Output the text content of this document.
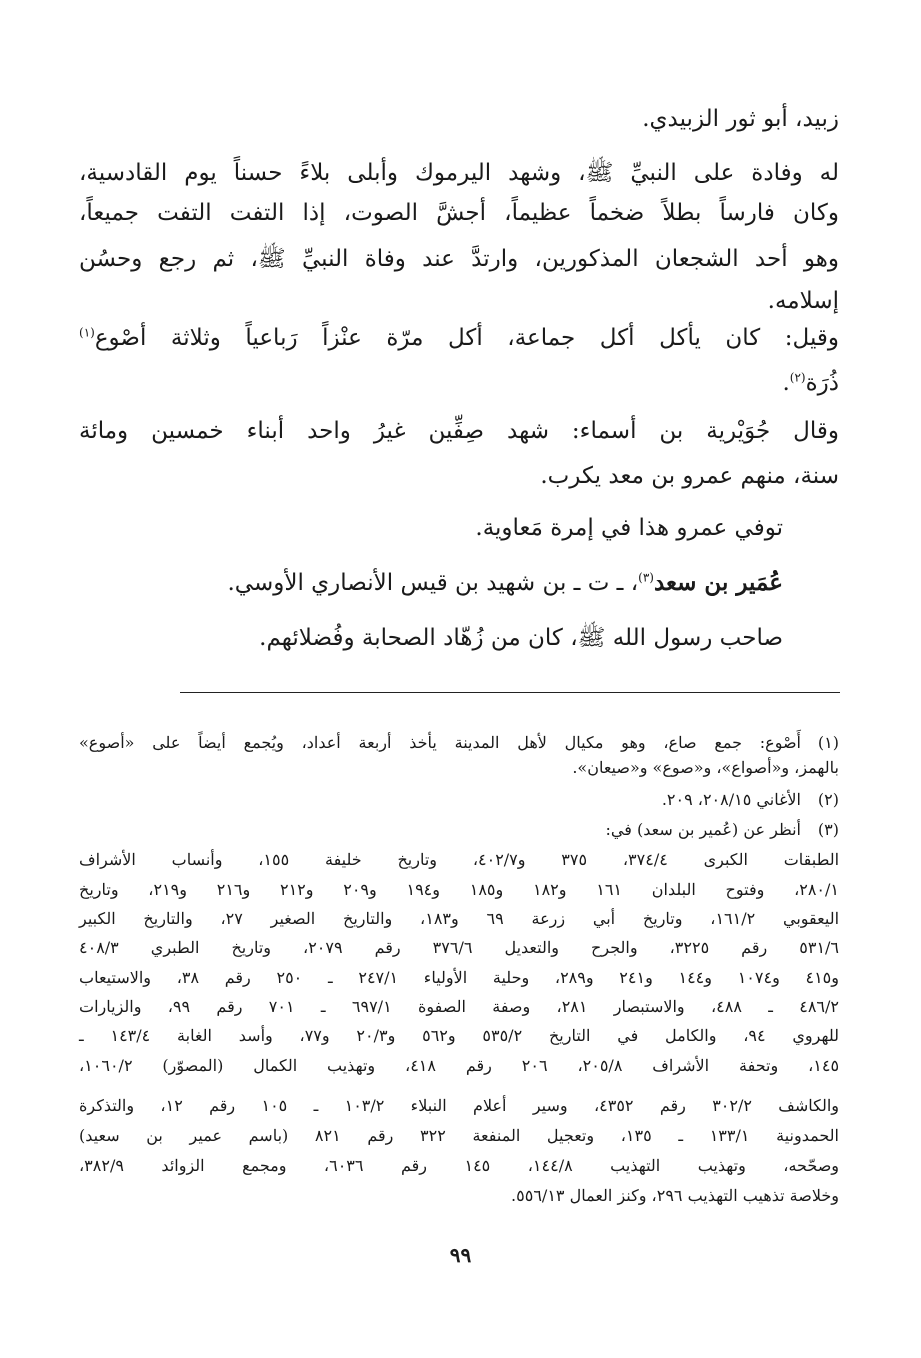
زبيد، أبو ثور الزبيدي.
له وفادة على النبيِّ ﷺ، وشهد اليرموك وأبلى بلاءً حسناً يوم القادسية،
وكان فارساً بطلاً ضخماً عظيماً، أجشَّ الصوت، إذا التفت التفت جميعاً،
وهو أحد الشجعان المذكورين، وارتدَّ عند وفاة النبيِّ ﷺ، ثم رجع وحسُن
إسلامه.
وقيل: كان يأكل أكل جماعة، أكل مرّة عنْزاً رَباعياً وثلاثة أصْوع$^{(١)}$
ذُرَة$^{(٢)}$.
وقال جُوَيْرية بن أسماء: شهد صِفِّين غيرُ واحد أبناء خمسين ومائة
سنة، منهم عمرو بن معد يكرب.
توفي عمرو هذا في إمرة مَعاوية.
عُمَير بن سعد$^{(٣)}$، ـ ت ـ بن شهيد بن قيس الأنصاري الأوسي.
صاحب رسول الله ﷺ، كان من زُهّاد الصحابة وفُضلائهم.
(١)
أَصْوع: جمع صاع، وهو مكيال لأهل المدينة يأخذ أربعة أعداد، ويُجمع أيضاً على «أصوع»
بالهمز، و«أصواع»، و«صوع» و«صيعان».
(٢)
الأغاني ٢٠٨/١٥، ٢٠٩.
(٣)
أنظر عن (عُمير بن سعد) في:
الطبقات الكبرى ٣٧٤/٤، ٣٧٥ و٤٠٢/٧، وتاريخ خليفة ١٥٥، وأنساب الأشراف
٢٨٠/١، وفتوح البلدان ١٦١ و١٨٢ و١٨٥ و١٩٤ و٢٠٩ و٢١٢ و٢١٦ و٢١٩، وتاريخ
اليعقوبي ١٦١/٢، وتاريخ أبي زرعة ٦٩ و١٨٣، والتاريخ الصغير ٢٧، والتاريخ الكبير
٥٣١/٦ رقم ٣٢٢٥، والجرح والتعديل ٣٧٦/٦ رقم ٢٠٧٩، وتاريخ الطبري ٤٠٨/٣
و٤١٥ و١٠٧٤ و١٤٤ و٢٤١ و٢٨٩، وحلية الأولياء ٢٤٧/١ ـ ٢٥٠ رقم ٣٨، والاستيعاب
٤٨٦/٢ ـ ٤٨٨، والاستبصار ٢٨١، وصفة الصفوة ٦٩٧/١ ـ ٧٠١ رقم ٩٩، والزيارات
للهروي ٩٤، والكامل في التاريخ ٥٣٥/٢ و٥٦٢ و٢٠/٣ و٧٧، وأسد الغابة ١٤٣/٤ ـ
١٤٥، وتحفة الأشراف ٢٠٥/٨، ٢٠٦ رقم ٤١٨، وتهذيب الكمال (المصوّر) ١٠٦٠/٢،
والكاشف ٣٠٢/٢ رقم ٤٣٥٢، وسير أعلام النبلاء ١٠٣/٢ ـ ١٠٥ رقم ١٢، والتذكرة
الحمدونية ١٣٣/١ ـ ١٣٥، وتعجيل المنفعة ٣٢٢ رقم ٨٢١ (باسم عمير بن سعيد)
وصحّحه، وتهذيب التهذيب ١٤٤/٨، ١٤٥ رقم ٦٠٣٦، ومجمع الزوائد ٣٨٢/٩،
وخلاصة تذهيب التهذيب ٢٩٦، وكنز العمال ٥٥٦/١٣.
٩٩
